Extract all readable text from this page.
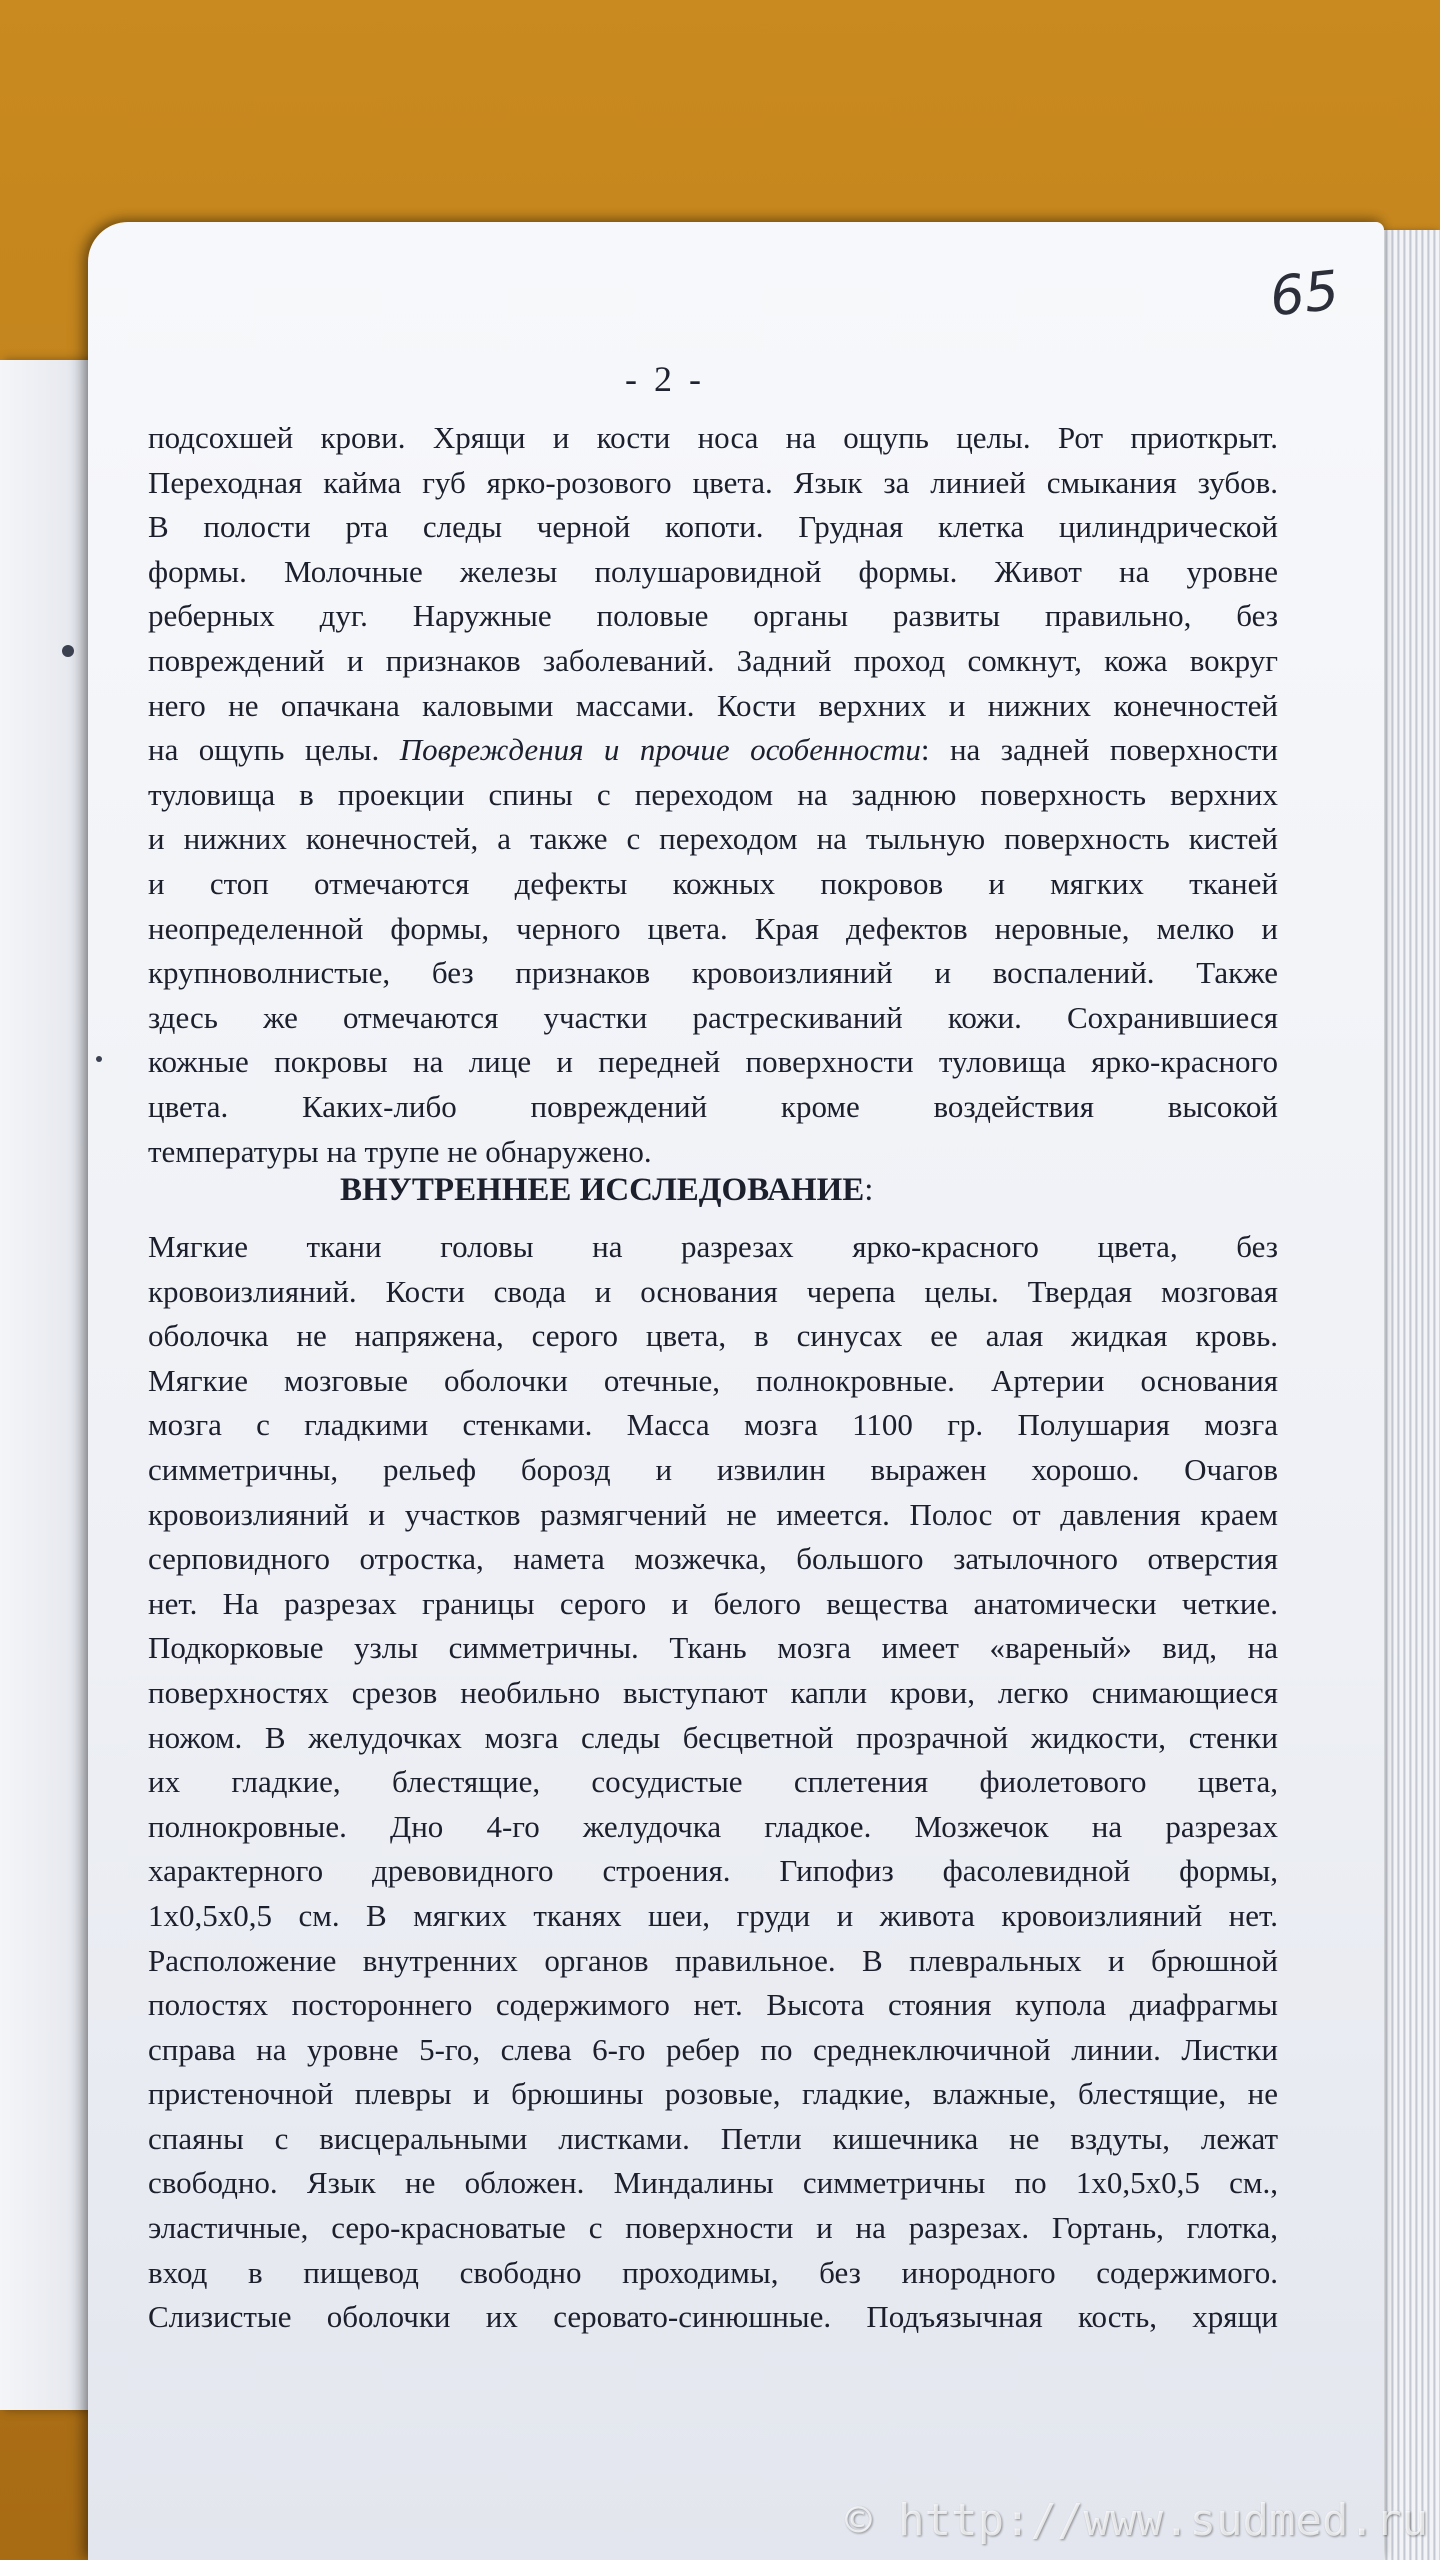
65
- 2 -
подсохшей крови. Хрящи и кости носа на ощупь целы. Рот приоткрыт.
Переходная кайма губ ярко-розового цвета. Язык за линией смыкания зубов.
В полости рта следы черной копоти. Грудная клетка цилиндрической
формы. Молочные железы полушаровидной формы. Живот на уровне
реберных дуг. Наружные половые органы развиты правильно, без
повреждений и признаков заболеваний. Задний проход сомкнут, кожа вокруг
него не опачкана каловыми массами. Кости верхних и нижних конечностей
на ощупь целы. Повреждения и прочие особенности: на задней поверхности
туловища в проекции спины с переходом на заднюю поверхность верхних
и нижних конечностей, а также с переходом на тыльную поверхность кистей
и стоп отмечаются дефекты кожных покровов и мягких тканей
неопределенной формы, черного цвета. Края дефектов неровные, мелко и
крупноволнистые, без признаков кровоизлияний и воспалений. Также
здесь же отмечаются участки растрескиваний кожи. Сохранившиеся
кожные покровы на лице и передней поверхности туловища ярко-красного
цвета. Каких-либо повреждений кроме воздействия высокой
температуры на трупе не обнаружено.
ВНУТРЕННЕЕ ИССЛЕДОВАНИЕ:
Мягкие ткани головы на разрезах ярко-красного цвета, без
кровоизлияний. Кости свода и основания черепа целы. Твердая мозговая
оболочка не напряжена, серого цвета, в синусах ее алая жидкая кровь.
Мягкие мозговые оболочки отечные, полнокровные. Артерии основания
мозга с гладкими стенками. Масса мозга 1100 гр. Полушария мозга
симметричны, рельеф борозд и извилин выражен хорошо. Очагов
кровоизлияний и участков размягчений не имеется. Полос от давления краем
серповидного отростка, намета мозжечка, большого затылочного отверстия
нет. На разрезах границы серого и белого вещества анатомически четкие.
Подкорковые узлы симметричны. Ткань мозга имеет «вареный» вид, на
поверхностях срезов необильно выступают капли крови, легко снимающиеся
ножом. В желудочках мозга следы бесцветной прозрачной жидкости, стенки
их гладкие, блестящие, сосудистые сплетения фиолетового цвета,
полнокровные. Дно 4-го желудочка гладкое. Мозжечок на разрезах
характерного древовидного строения. Гипофиз фасолевидной формы,
1x0,5x0,5 см. В мягких тканях шеи, груди и живота кровоизлияний нет.
Расположение внутренних органов правильное. В плевральных и брюшной
полостях постороннего содержимого нет. Высота стояния купола диафрагмы
справа на уровне 5-го, слева 6-го ребер по среднеключичной линии. Листки
пристеночной плевры и брюшины розовые, гладкие, влажные, блестящие, не
спаяны с висцеральными листками. Петли кишечника не вздуты, лежат
свободно. Язык не обложен. Миндалины симметричны по 1x0,5x0,5 см.,
эластичные, серо-красноватые с поверхности и на разрезах. Гортань, глотка,
вход в пищевод свободно проходимы, без инородного содержимого.
Слизистые оболочки их серовато-синюшные. Подъязычная кость, хрящи
© http://www.sudmed.ru
